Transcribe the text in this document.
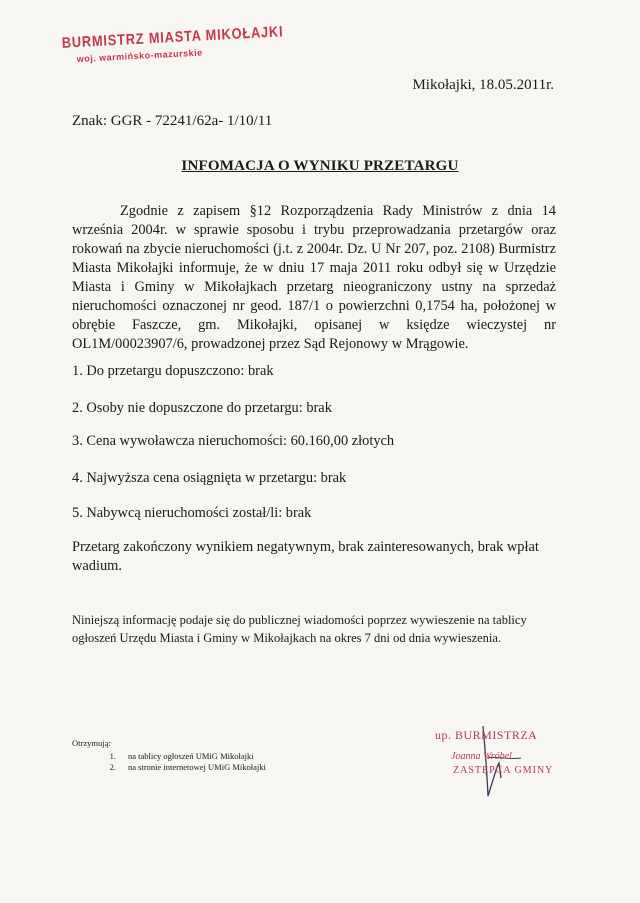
BURMISTRZ MIASTA MIKOŁAJKI
woj. warmińsko-mazurskie
Mikołajki, 18.05.2011r.
Znak: GGR - 72241/62a- 1/10/11
INFOMACJA O WYNIKU PRZETARGU

Zgodnie z zapisem §12 Rozporządzenia Rady Ministrów z dnia 14 września 2004r. w sprawie sposobu i trybu przeprowadzania przetargów oraz rokowań na zbycie nieruchomości (j.t. z 2004r. Dz. U Nr 207, poz. 2108) Burmistrz Miasta Mikołajki informuje, że w dniu 17 maja 2011 roku odbył się w Urzędzie Miasta i Gminy w Mikołajkach przetarg nieograniczony ustny na sprzedaż nieruchomości oznaczonej nr geod. 187/1 o powierzchni 0,1754 ha, położonej w obrębie Faszcze, gm. Mikołajki, opisanej w księdze wieczystej nr OL1M/00023907/6, prowadzonej przez Sąd Rejonowy w Mrągowie.

1. Do przetargu dopuszczono: brak
2. Osoby nie dopuszczone do przetargu: brak
3. Cena wywoławcza nieruchomości: 60.160,00 złotych
4. Najwyższa cena osiągnięta w przetargu: brak
5. Nabywcą nieruchomości został/li: brak

Przetarg zakończony wynikiem negatywnym, brak zainteresowanych, brak wpłat wadium.

Niniejszą informację podaje się do publicznej wiadomości poprzez wywieszenie na tablicy ogłoszeń Urzędu Miasta i Gminy w Mikołajkach na okres 7 dni od dnia wywieszenia.

Otrzymują:
1.	na tablicy ogłoszeń UMiG Mikołajki
2.	na stronie internetowej UMiG Mikołajki
up. BURMISTRZA
Joanna Wróbel
ZASTĘPCA GMINY
